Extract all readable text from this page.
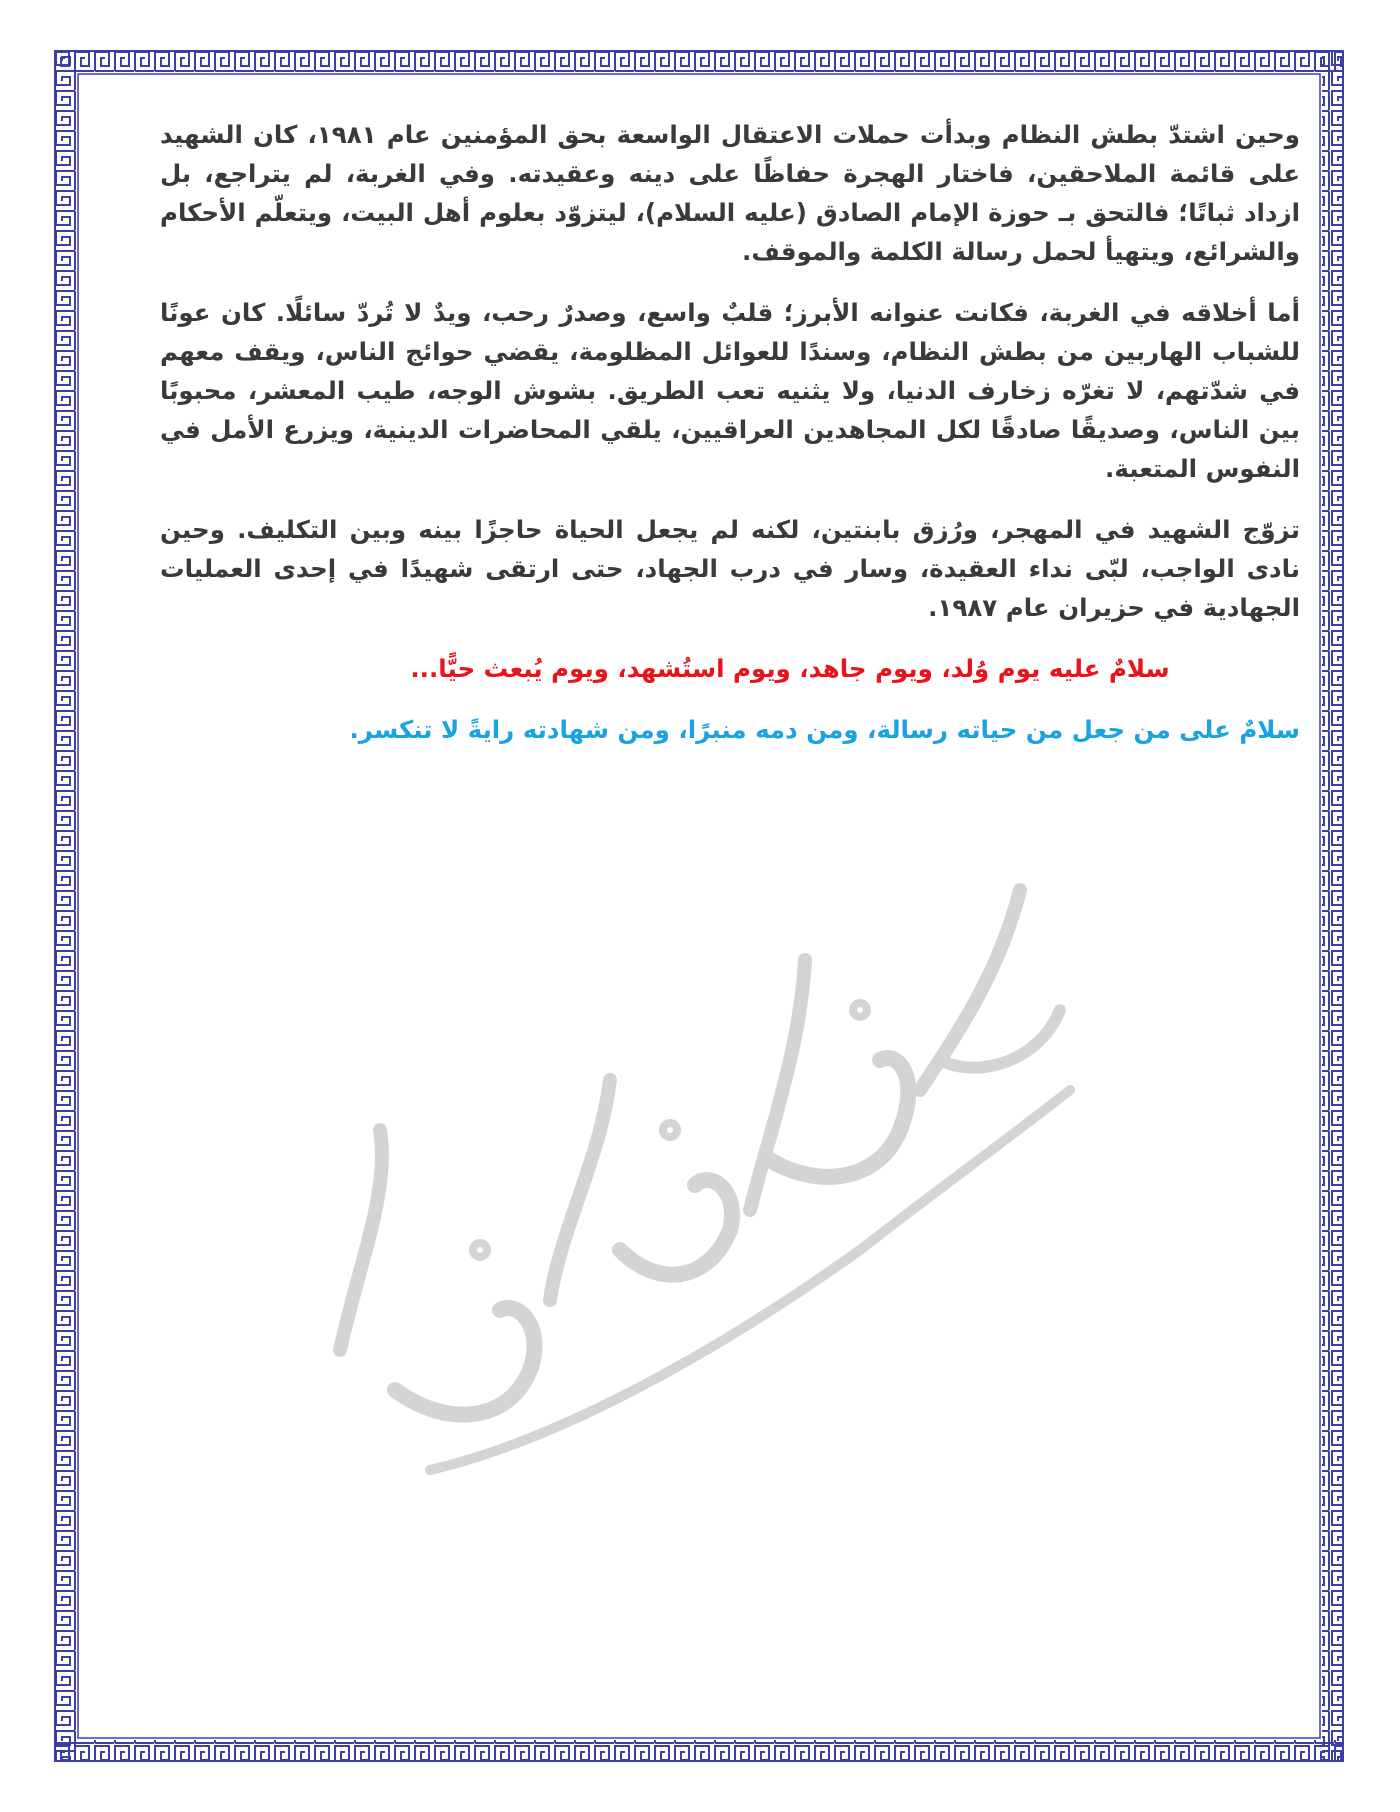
وحين اشتدّ بطش النظام وبدأت حملات الاعتقال الواسعة بحق المؤمنين عام ١٩٨١، كان الشهيد على قائمة الملاحقين، فاختار الهجرة حفاظًا على دينه وعقيدته. وفي الغربة، لم يتراجع، بل ازداد ثباتًا؛ فالتحق بـ حوزة الإمام الصادق (عليه السلام)، ليتزوّد بعلوم أهل البيت، ويتعلّم الأحكام والشرائع، ويتهيأ لحمل رسالة الكلمة والموقف.

أما أخلاقه في الغربة، فكانت عنوانه الأبرز؛ قلبٌ واسع، وصدرٌ رحب، ويدٌ لا تُردّ سائلًا. كان عونًا للشباب الهاربين من بطش النظام، وسندًا للعوائل المظلومة، يقضي حوائج الناس، ويقف معهم في شدّتهم، لا تغرّه زخارف الدنيا، ولا يثنيه تعب الطريق. بشوش الوجه، طيب المعشر، محبوبًا بين الناس، وصديقًا صادقًا لكل المجاهدين العراقيين، يلقي المحاضرات الدينية، ويزرع الأمل في النفوس المتعبة.

تزوّج الشهيد في المهجر، ورُزق بابنتين، لكنه لم يجعل الحياة حاجزًا بينه وبين التكليف. وحين نادى الواجب، لبّى نداء العقيدة، وسار في درب الجهاد، حتى ارتقى شهيدًا في إحدى العمليات الجهادية في حزيران عام ١٩٨٧.

سلامٌ عليه يوم وُلد، ويوم جاهد، ويوم استُشهد، ويوم يُبعث حيًّا...

سلامٌ على من جعل من حياته رسالة، ومن دمه منبرًا، ومن شهادته رايةً لا تنكسر.
